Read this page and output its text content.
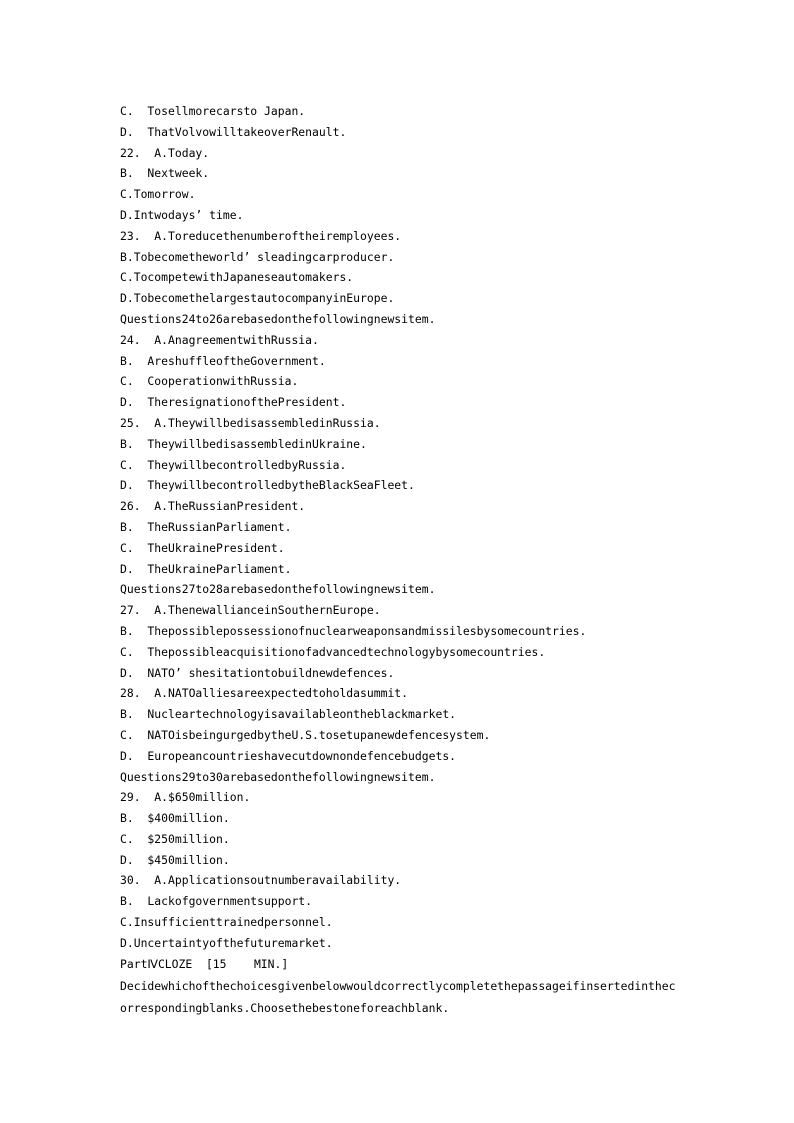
C.  Tosellmorecarsto Japan.
D.  ThatVolvowilltakeoverRenault.
22.  A.Today.
B.  Nextweek.
C.Tomorrow.
D.Intwodays’ time.
23.  A.Toreducethenumberoftheiremployees.
B.Tobecometheworld’ sleadingcarproducer.
C.TocompetewithJapaneseautomakers.
D.TobecomethelargestautocompanyinEurope.
Questions24to26arebasedonthefollowingnewsitem.
24.  A.AnagreementwithRussia.
B.  AreshuffleoftheGovernment.
C.  CooperationwithRussia.
D.  TheresignationofthePresident.
25.  A.TheywillbedisassembledinRussia.
B.  TheywillbedisassembledinUkraine.
C.  TheywillbecontrolledbyRussia.
D.  TheywillbecontrolledbytheBlackSeaFleet.
26.  A.TheRussianPresident.
B.  TheRussianParliament.
C.  TheUkrainePresident.
D.  TheUkraineParliament.
Questions27to28arebasedonthefollowingnewsitem.
27.  A.ThenewallianceinSouthernEurope.
B.  Thepossiblepossessionofnuclearweaponsandmissilesbysomecountries.
C.  Thepossibleacquisitionofadvancedtechnologybysomecountries.
D.  NATO’ shesitationtobuildnewdefences.
28.  A.NATOalliesareexpectedtoholdasummit.
B.  Nucleartechnologyisavailableontheblackmarket.
C.  NATOisbeingurgedbytheU.S.tosetupanewdefencesystem.
D.  Europeancountrieshavecutdownondefencebudgets.
Questions29to30arebasedonthefollowingnewsitem.
29.  A.$650million.
B.  $400million.
C.  $250million.
D.  $450million.
30.  A.Applicationsoutnumberavailability.
B.  Lackofgovernmentsupport.
C.Insufficienttrainedpersonnel.
D.Uncertaintyofthefuturemarket.
PartⅣCLOZE  [15    MIN.]
Decidewhichofthechoicesgivenbelowwouldcorrectlycompletethepassageifinsertedinthecorrespondingblanks.Choosethebestoneforeachblank.
